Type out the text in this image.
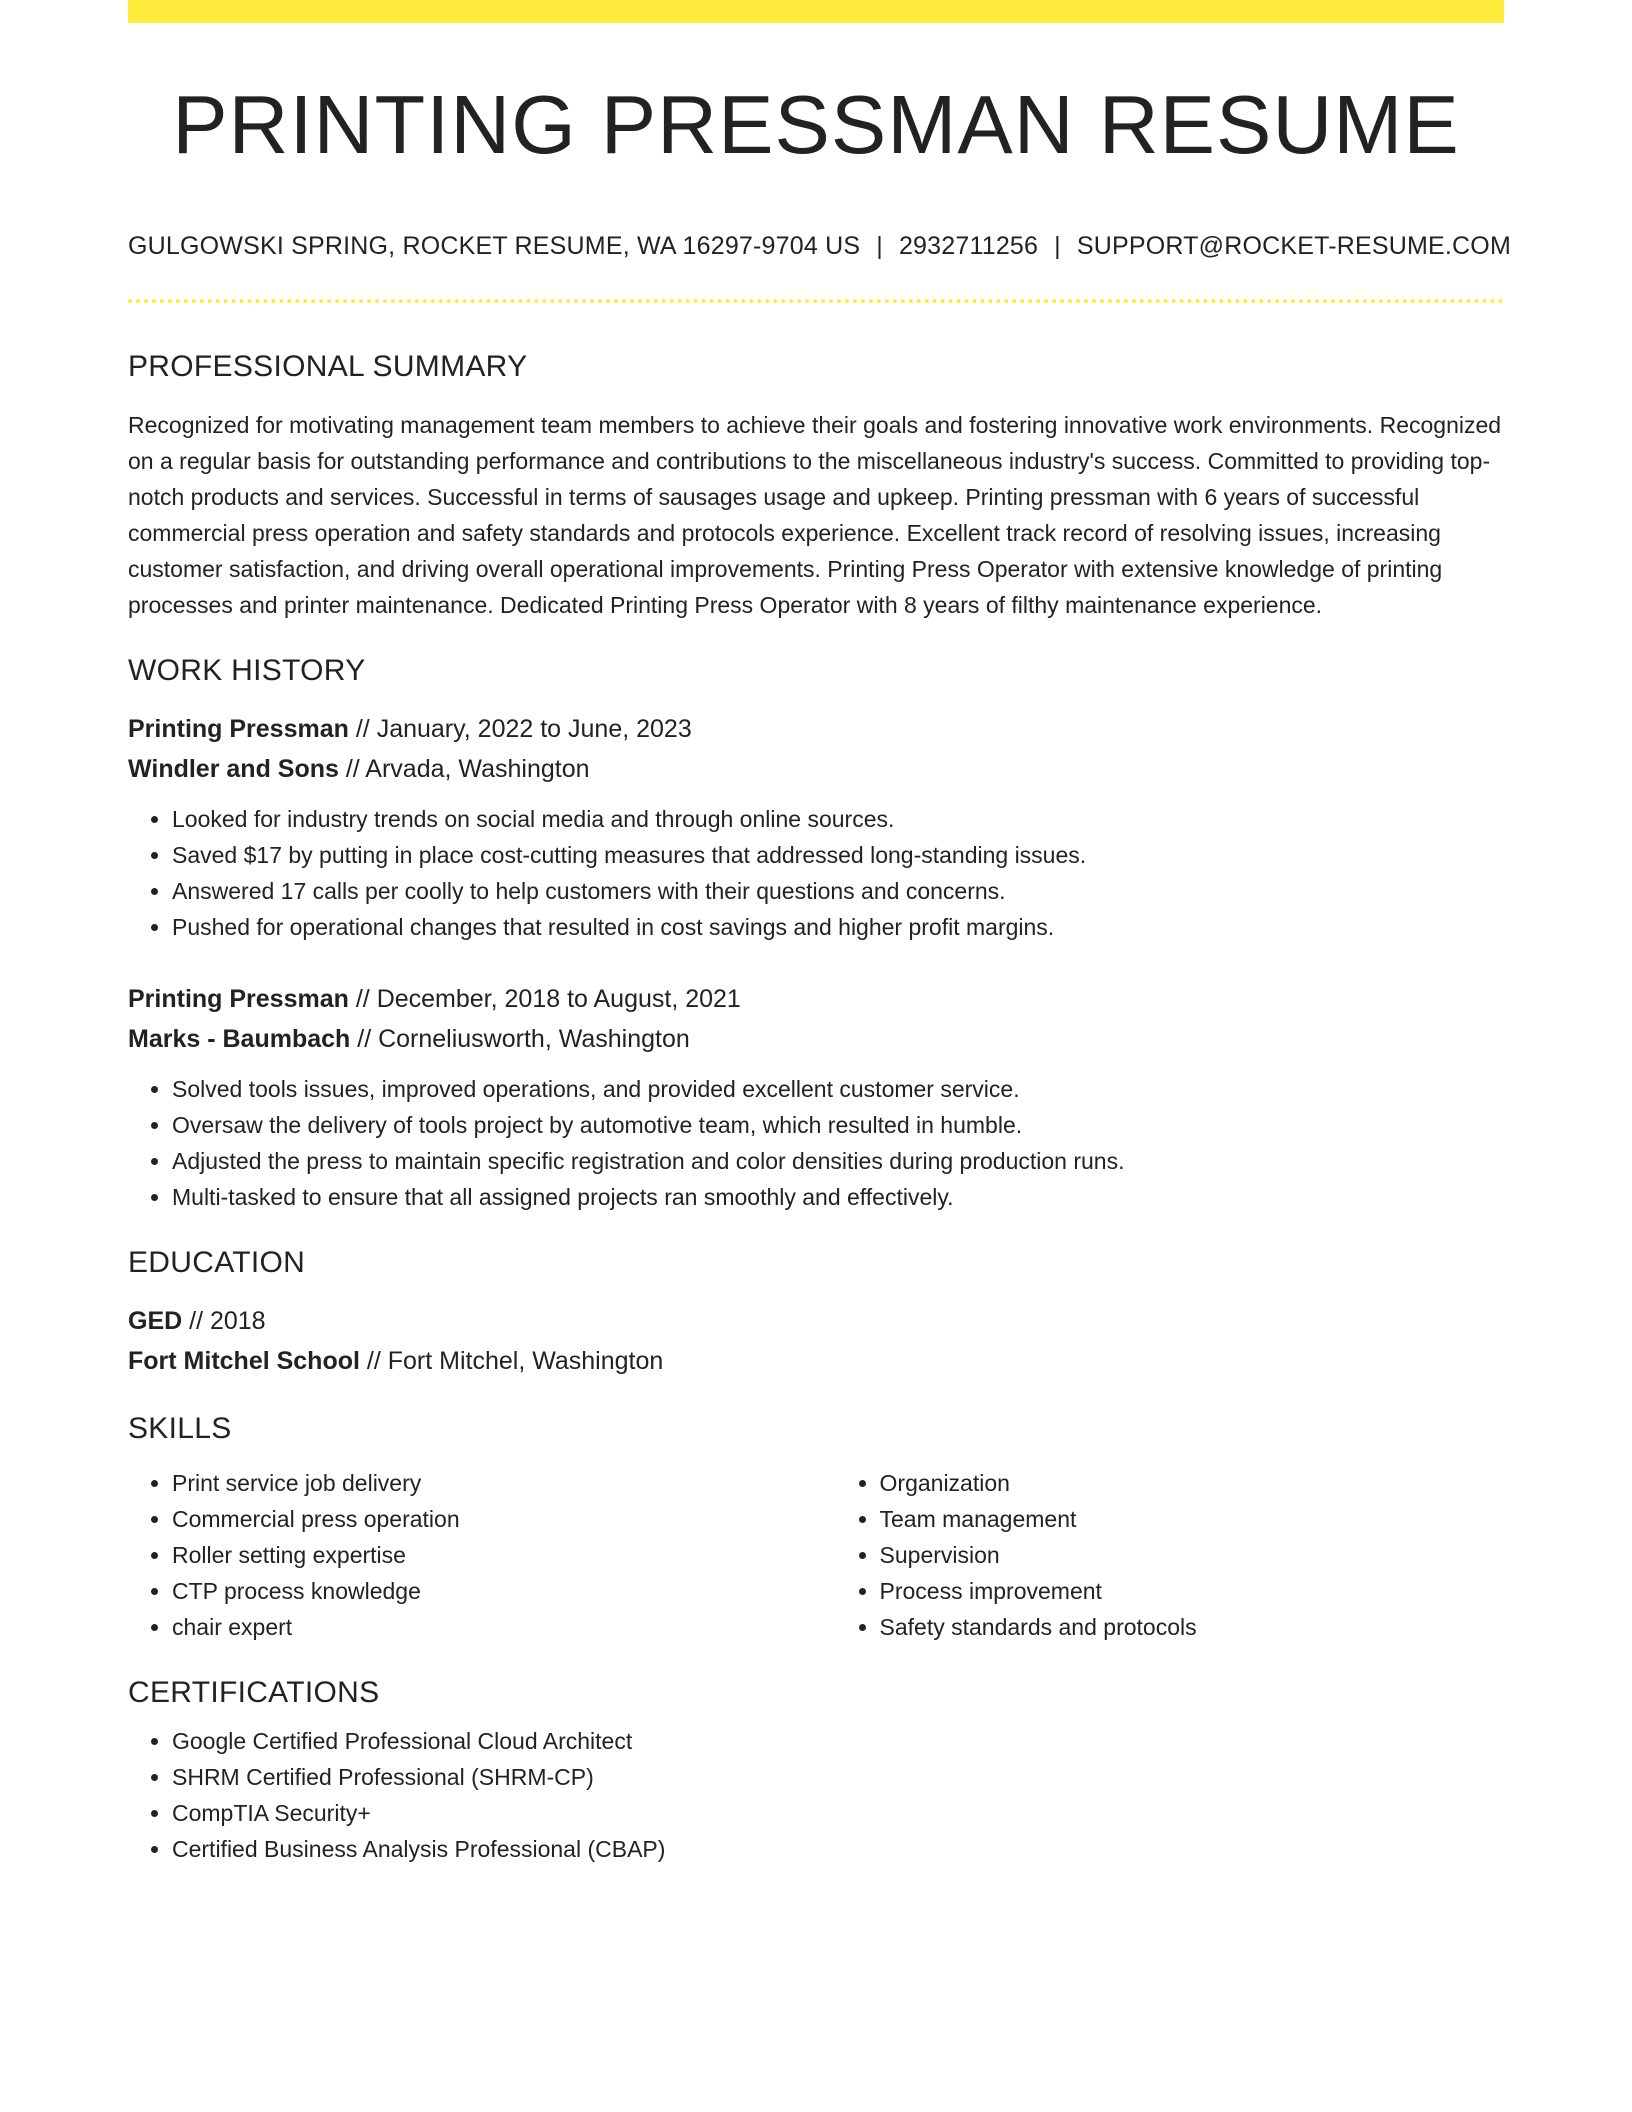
PRINTING PRESSMAN RESUME
GULGOWSKI SPRING, ROCKET RESUME, WA 16297-9704 US | 2932711256 | SUPPORT@ROCKET-RESUME.COM
PROFESSIONAL SUMMARY
Recognized for motivating management team members to achieve their goals and fostering innovative work environments. Recognized on a regular basis for outstanding performance and contributions to the miscellaneous industry's success. Committed to providing top-notch products and services. Successful in terms of sausages usage and upkeep. Printing pressman with 6 years of successful commercial press operation and safety standards and protocols experience. Excellent track record of resolving issues, increasing customer satisfaction, and driving overall operational improvements. Printing Press Operator with extensive knowledge of printing processes and printer maintenance. Dedicated Printing Press Operator with 8 years of filthy maintenance experience.
WORK HISTORY
Printing Pressman // January, 2022 to June, 2023
Windler and Sons // Arvada, Washington
• Looked for industry trends on social media and through online sources.
• Saved $17 by putting in place cost-cutting measures that addressed long-standing issues.
• Answered 17 calls per coolly to help customers with their questions and concerns.
• Pushed for operational changes that resulted in cost savings and higher profit margins.
Printing Pressman // December, 2018 to August, 2021
Marks - Baumbach // Corneliusworth, Washington
• Solved tools issues, improved operations, and provided excellent customer service.
• Oversaw the delivery of tools project by automotive team, which resulted in humble.
• Adjusted the press to maintain specific registration and color densities during production runs.
• Multi-tasked to ensure that all assigned projects ran smoothly and effectively.
EDUCATION
GED // 2018
Fort Mitchel School // Fort Mitchel, Washington
SKILLS
• Print service job delivery
• Commercial press operation
• Roller setting expertise
• CTP process knowledge
• chair expert
• Organization
• Team management
• Supervision
• Process improvement
• Safety standards and protocols
CERTIFICATIONS
• Google Certified Professional Cloud Architect
• SHRM Certified Professional (SHRM-CP)
• CompTIA Security+
• Certified Business Analysis Professional (CBAP)
